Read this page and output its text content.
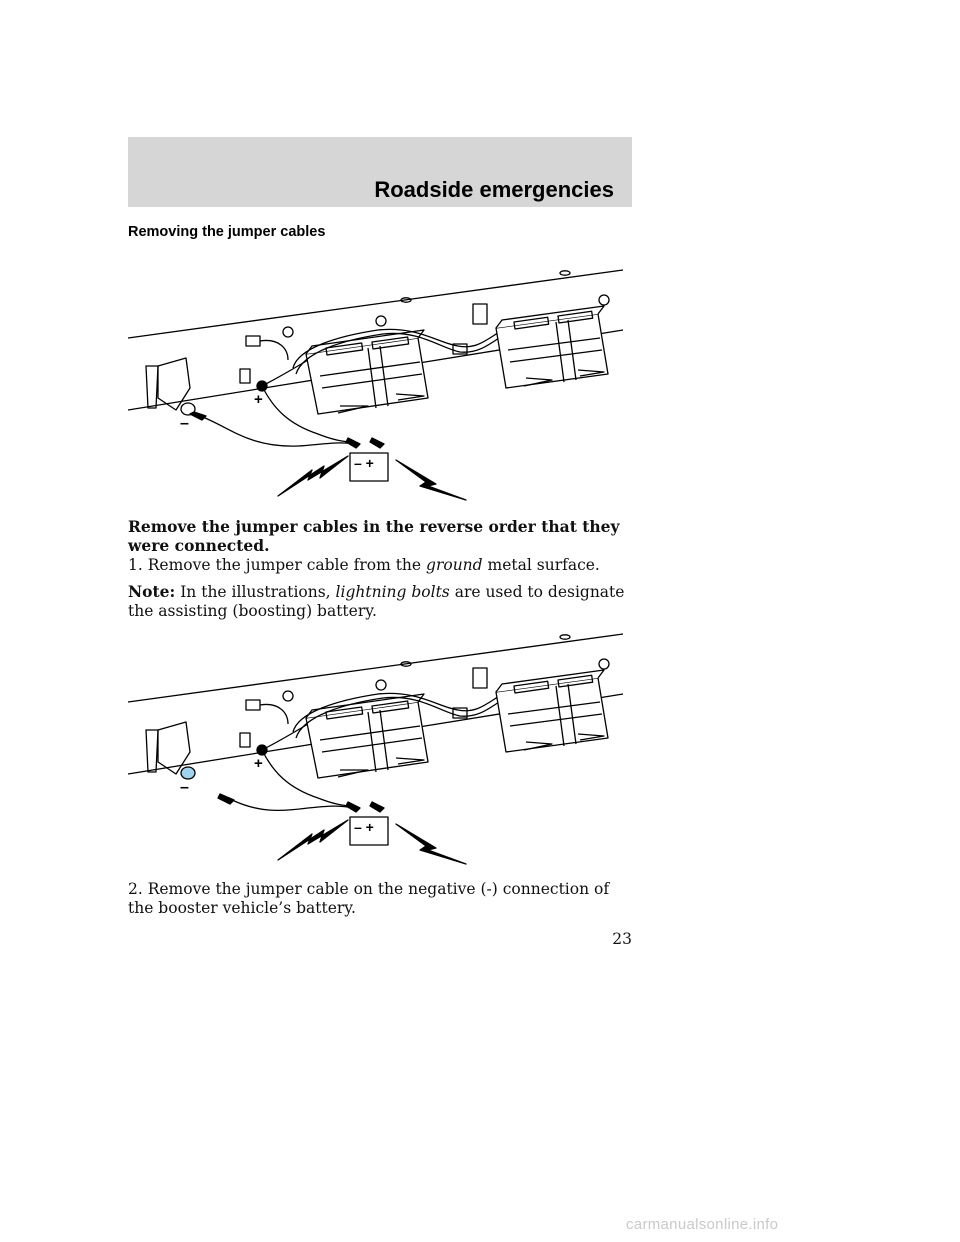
Roadside emergencies
Removing the jumper cables
+
–
– +
Remove the jumper cables in the reverse order that they were connected.
1. Remove the jumper cable from the ground metal surface.
Note: In the illustrations, lightning bolts are used to designate the assisting (boosting) battery.
+
–
– +
2. Remove the jumper cable on the negative (-) connection of the booster vehicle’s battery.
23
carmanualsonline.info
